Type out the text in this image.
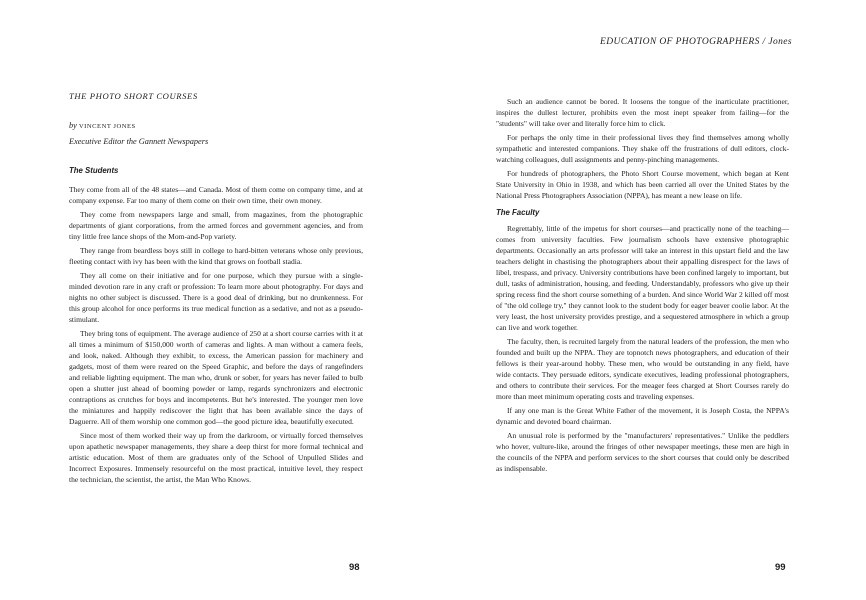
THE PHOTO SHORT COURSES
by VINCENT JONES
Executive Editor the Gannett Newspapers
The Students

They come from all of the 48 states—and Canada. Most of them come on company time, and at company expense. Far too many of them come on their own time, their own money.

They come from newspapers large and small, from magazines, from the photographic departments of giant corporations, from the armed forces and government agencies, and from tiny little free lance shops of the Mom-and-Pop variety.

They range from beardless boys still in college to hard-bitten veterans whose only previous, fleeting contact with ivy has been with the kind that grows on football stadia.

They all come on their initiative and for one purpose, which they pursue with a single-minded devotion rare in any craft or profession: To learn more about photography. For days and nights no other subject is discussed. There is a good deal of drinking, but no drunkenness. For this group alcohol for once performs its true medical function as a sedative, and not as a pseudo-stimulant.

They bring tons of equipment. The average audience of 250 at a short course carries with it at all times a minimum of $150,000 worth of cameras and lights. A man without a camera feels, and look, naked. Although they exhibit, to excess, the American passion for machinery and gadgets, most of them were reared on the Speed Graphic, and before the days of rangefinders and reliable lighting equipment. The man who, drunk or sober, for years has never failed to bulb open a shutter just ahead of booming powder or lamp, regards synchronizers and electronic contraptions as crutches for boys and incompetents. But he's interested. The younger men love the miniatures and happily rediscover the light that has been available since the days of Daguerre. All of them worship one common god—the good picture idea, beautifully executed.

Since most of them worked their way up from the darkroom, or virtually forced themselves upon apathetic newspaper managements, they share a deep thirst for more formal technical and artistic education. Most of them are graduates only of the School of Unpulled Slides and Incorrect Exposures. Immensely resourceful on the most practical, intuitive level, they respect the technician, the scientist, the artist, the Man Who Knows.

98
EDUCATION OF PHOTOGRAPHERS / Jones

Such an audience cannot be bored. It loosens the tongue of the inarticulate practitioner, inspires the dullest lecturer, prohibits even the most inept speaker from failing—for the "students" will take over and literally force him to click.

For perhaps the only time in their professional lives they find themselves among wholly sympathetic and interested companions. They shake off the frustrations of dull editors, clock-watching colleagues, dull assignments and penny-pinching managements.

For hundreds of photographers, the Photo Short Course movement, which began at Kent State University in Ohio in 1938, and which has been carried all over the United States by the National Press Photographers Association (NPPA), has meant a new lease on life.

The Faculty

Regrettably, little of the impetus for short courses—and practically none of the teaching—comes from university faculties. Few journalism schools have extensive photographic departments. Occasionally an arts professor will take an interest in this upstart field and the law teachers delight in chastising the photographers about their appalling disrespect for the laws of libel, trespass, and privacy. University contributions have been confined largely to important, but dull, tasks of administration, housing, and feeding. Understandably, professors who give up their spring recess find the short course something of a burden. And since World War 2 killed off most of "the old college try," they cannot look to the student body for eager beaver coolie labor. At the very least, the host university provides prestige, and a sequestered atmosphere in which a group can live and work together.

The faculty, then, is recruited largely from the natural leaders of the profession, the men who founded and built up the NPPA. They are topnotch news photographers, and education of their fellows is their year-around hobby. These men, who would be outstanding in any field, have wide contacts. They persuade editors, syndicate executives, leading professional photographers, and others to contribute their services. For the meager fees charged at Short Courses rarely do more than meet minimum operating costs and traveling expenses.

If any one man is the Great White Father of the movement, it is Joseph Costa, the NPPA's dynamic and devoted board chairman.

An unusual role is performed by the "manufacturers' representatives." Unlike the peddlers who hover, vulture-like, around the fringes of other newspaper meetings, these men are high in the councils of the NPPA and perform services to the short courses that could only be described as indispensable.

99
